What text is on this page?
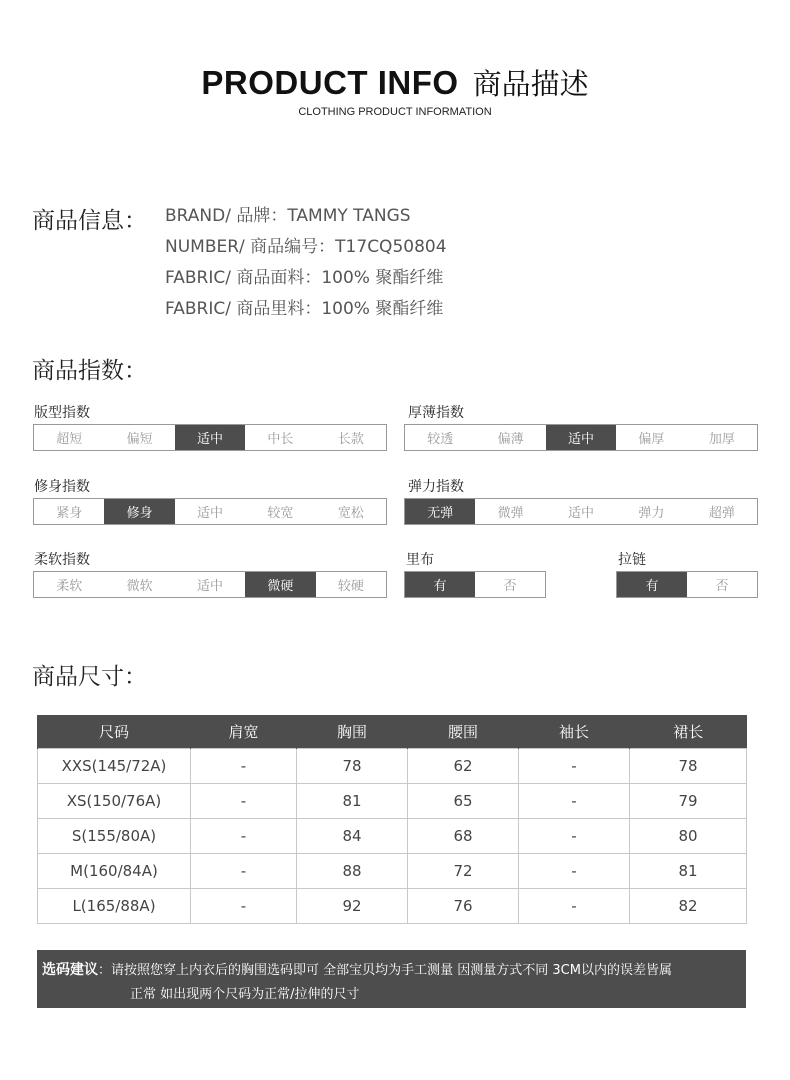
PRODUCT INFO 商品描述
CLOTHING PRODUCT INFORMATION
商品信息： BRAND/ 品牌：TAMMY TANGS
NUMBER/ 商品编号：T17CQ50804
FABRIC/ 商品面料：100% 聚酯纤维
FABRIC/ 商品里料：100% 聚酯纤维
商品指数：
版型指数
超短	偏短	适中	中长	长款
厚薄指数
较透	偏薄	适中	偏厚	加厚
修身指数
紧身	修身	适中	较宽	宽松
弹力指数
无弹	微弹	适中	弹力	超弹
柔软指数
柔软	微软	适中	微硬	较硬
里布
有	否
拉链
有	否
商品尺寸：
尺码	肩宽	胸围	腰围	袖长	裙长
XXS(145/72A)	-	78	62	-	78
XS(150/76A)	-	81	65	-	79
S(155/80A)	-	84	68	-	80
M(160/84A)	-	88	72	-	81
L(165/88A)	-	92	76	-	82
选码建议：请按照您穿上内衣后的胸围选码即可 全部宝贝均为手工测量 因测量方式不同 3CM以内的误差皆属
正常 如出现两个尺码为正常/拉伸的尺寸
